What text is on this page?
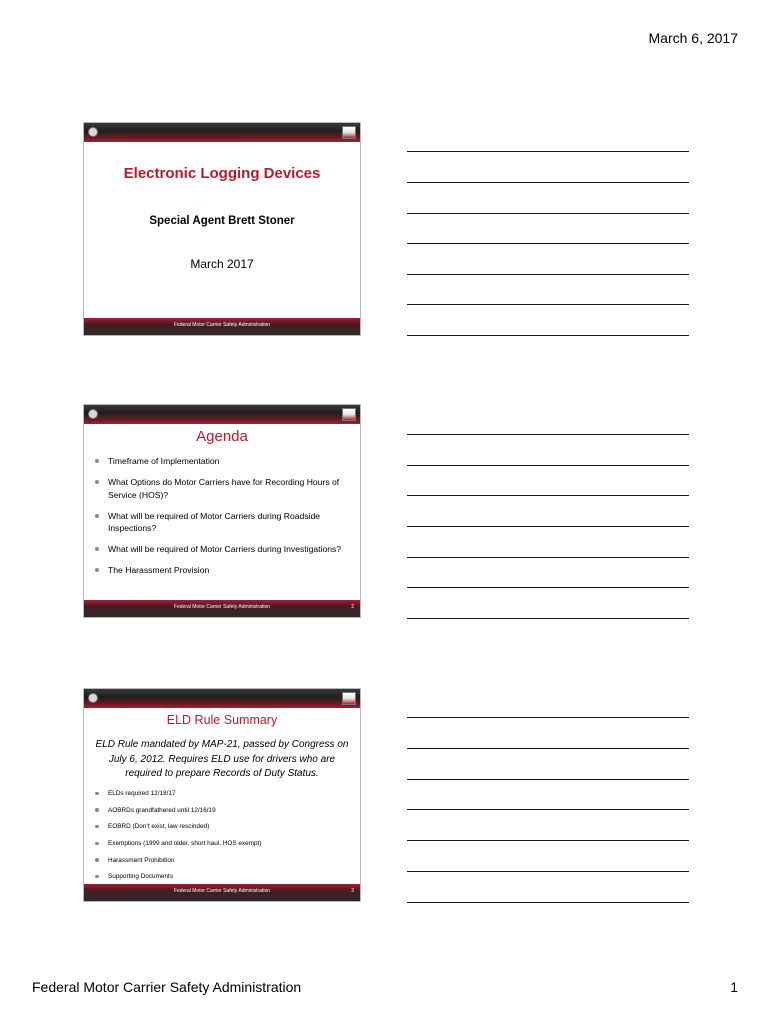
March 6, 2017
Electronic Logging Devices
Special Agent Brett Stoner
March 2017
Federal Motor Carrier Safety Administration
Agenda
Timeframe of Implementation
What Options do Motor Carriers have for Recording Hours of Service (HOS)?
What will be required of Motor Carriers during Roadside Inspections?
What will be required of Motor Carriers during Investigations?
The Harassment Provision
Federal Motor Carrier Safety Administration	2
ELD Rule Summary
ELD Rule mandated by MAP-21, passed by Congress on July 6, 2012. Requires ELD use for drivers who are required to prepare Records of Duty Status.
ELDs required 12/18/17
AOBRDs grandfathered until 12/16/19
EOBRD (Don’t exist, law rescinded)
Exemptions (1999 and older, short haul, HOS exempt)
Harassment Prohibition
Supporting Documents
Federal Motor Carrier Safety Administration	3
Federal Motor Carrier Safety Administration	1
